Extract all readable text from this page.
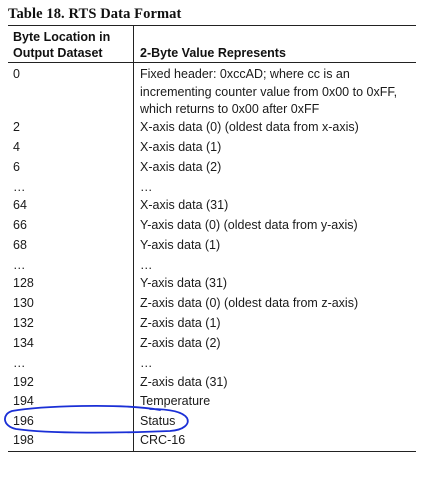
Table 18. RTS Data Format
Byte Location in Output Dataset	2-Byte Value Represents
0	Fixed header: 0xccAD; where cc is an incrementing counter value from 0x00 to 0xFF, which returns to 0x00 after 0xFF
2	X-axis data (0) (oldest data from x-axis)
4	X-axis data (1)
6	X-axis data (2)
…	…
64	X-axis data (31)
66	Y-axis data (0) (oldest data from y-axis)
68	Y-axis data (1)
…	…
128	Y-axis data (31)
130	Z-axis data (0) (oldest data from z-axis)
132	Z-axis data (1)
134	Z-axis data (2)
…	…
192	Z-axis data (31)
194	Temperature
196	Status
198	CRC-16
